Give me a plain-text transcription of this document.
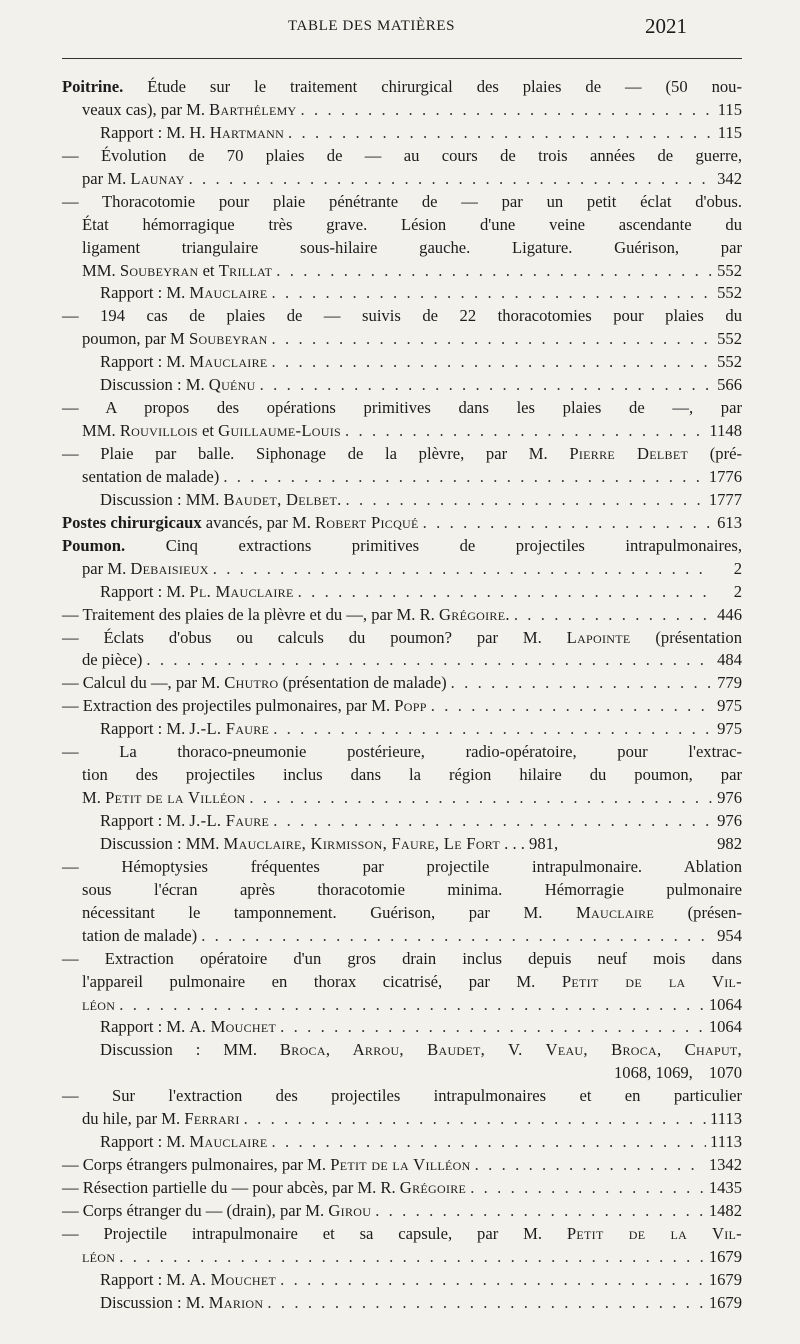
TABLE DES MATIÈRES	2021
Poitrine. Étude sur le traitement chirurgical des plaies de — (50 nou-
veaux cas), par M. Barthélemy . . .	115
Rapport : M. H. Hartmann . . .	115
— Évolution de 70 plaies de — au cours de trois années de guerre,
par M. Launay . . .	342
— Thoracotomie pour plaie pénétrante de — par un petit éclat d'obus.
État hémorragique très grave. Lésion d'une veine ascendante du
ligament triangulaire sous-hilaire gauche. Ligature. Guérison, par
MM. Soubeyran et Trillat . . .	552
Rapport : M. Mauclaire . . .	552
— 194 cas de plaies de — suivis de 22 thoracotomies pour plaies du
poumon, par M Soubeyran . . .	552
Rapport : M. Mauclaire . . .	552
Discussion : M. Quénu . . .	566
— A propos des opérations primitives dans les plaies de —, par
MM. Rouvillois et Guillaume-Louis . . .	1148
— Plaie par balle. Siphonage de la plèvre, par M. Pierre Delbet (pré-
sentation de malade) . . .	1776
Discussion : MM. Baudet, Delbet. . . .	1777
Postes chirurgicaux avancés, par M. Robert Picqué . . .	613
Poumon. Cinq extractions primitives de projectiles intrapulmonaires,
par M. Debaisieux . . .	2
Rapport : M. Pl. Mauclaire . . .	2
— Traitement des plaies de la plèvre et du —, par M. R. Grégoire. . . .	446
— Éclats d'obus ou calculs du poumon? par M. Lapointe (présentation
de pièce) . . .	484
— Calcul du —, par M. Chutro (présentation de malade) . . .	779
— Extraction des projectiles pulmonaires, par M. Popp . . .	975
Rapport : M. J.-L. Faure . . .	975
— La thoraco-pneumonie postérieure, radio-opératoire, pour l'extrac-
tion des projectiles inclus dans la région hilaire du poumon, par
M. Petit de la Villéon . . .	976
Rapport : M. J.-L. Faure . . .	976
Discussion : MM. Mauclaire, Kirmisson, Faure, Le Fort . . . 981,	982
— Hémoptysies fréquentes par projectile intrapulmonaire. Ablation
sous l'écran après thoracotomie minima. Hémorragie pulmonaire
nécessitant le tamponnement. Guérison, par M. Mauclaire (présen-
tation de malade) . . .	954
— Extraction opératoire d'un gros drain inclus depuis neuf mois dans
l'appareil pulmonaire en thorax cicatrisé, par M. Petit de la Vil-
léon . . .	1064
Rapport : M. A. Mouchet . . .	1064
Discussion : MM. Broca, Arrou, Baudet, V. Veau, Broca, Chaput,
1068, 1069, 1070
— Sur l'extraction des projectiles intrapulmonaires et en particulier
du hile, par M. Ferrari . . .	1113
Rapport : M. Mauclaire . . .	1113
— Corps étrangers pulmonaires, par M. Petit de la Villéon . . .	1342
— Résection partielle du — pour abcès, par M. R. Grégoire . . .	1435
— Corps étranger du — (drain), par M. Girou . . .	1482
— Projectile intrapulmonaire et sa capsule, par M. Petit de la Vil-
léon . . .	1679
Rapport : M. A. Mouchet . . .	1679
Discussion : M. Marion . . .	1679
